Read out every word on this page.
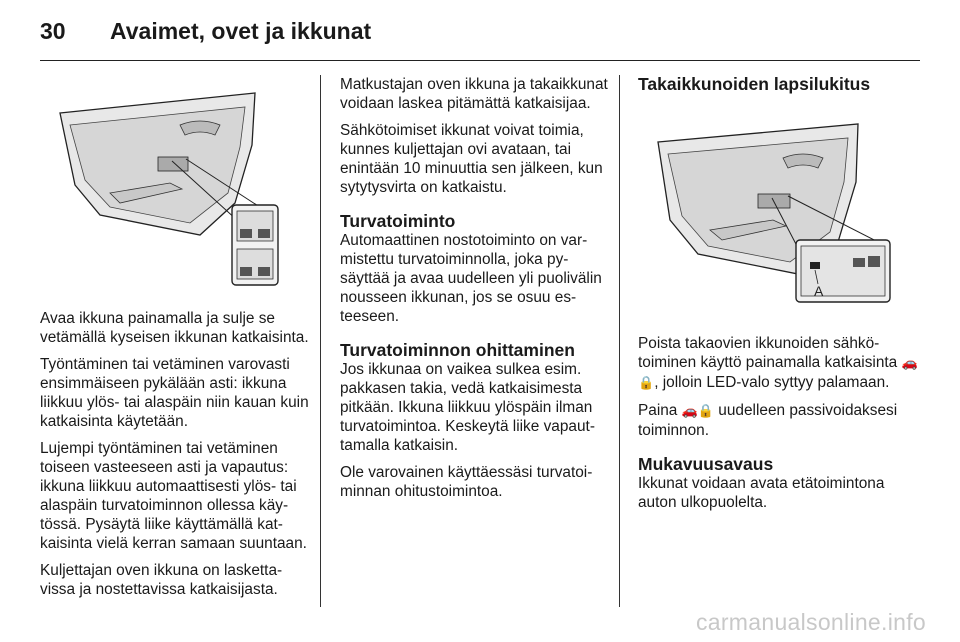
30 Avaimet, ovet ja ikkunat

Avaa ikkuna painamalla ja sulje se vetämällä kyseisen ikkunan katkaisinta.

Työntäminen tai vetäminen varovasti ensimmäiseen pykälään asti: ikkuna liikkuu ylös- tai alaspäin niin kauan kuin katkaisinta käytetään.

Lujempi työntäminen tai vetäminen toiseen vasteeseen asti ja vapautus: ikkuna liikkuu automaattisesti ylös- tai alaspäin turvatoiminnon ollessa käytössä. Pysäytä liike käyttämällä katkaisinta vielä kerran samaan suuntaan.

Kuljettajan oven ikkuna on laskettavissa ja nostettavissa katkaisijasta.

Matkustajan oven ikkuna ja takaikkunat voidaan laskea pitämättä katkaisijaa.

Sähkötoimiset ikkunat voivat toimia, kunnes kuljettajan ovi avataan, tai enintään 10 minuuttia sen jälkeen, kun sytytysvirta on katkaistu.

Turvatoiminto

Automaattinen nostotoiminto on varmistettu turvatoiminnolla, joka pysäyttää ja avaa uudelleen yli puolivälin nousseen ikkunan, jos se osuu esteeseen.

Turvatoiminnon ohittaminen

Jos ikkunaa on vaikea sulkea esim. pakkasen takia, vedä katkaisimesta pitkään. Ikkuna liikkuu ylöspäin ilman turvatoimintoa. Keskeytä liike vapauttamalla katkaisin.

Ole varovainen käyttäessäsi turvatoiminnan ohitustoimintoa.

Takaikkunoiden lapsilukitus
A

Poista takaovien ikkunoiden sähkötoiminen käyttö painamalla katkaisinta 🚗🔒, jolloin LED-valo syttyy palamaan.

Paina 🚗🔒 uudelleen passivoidaksesi toiminnon.

Mukavuusavaus

Ikkunat voidaan avata etätoimintona auton ulkopuolelta.

carmanualsonline.info
